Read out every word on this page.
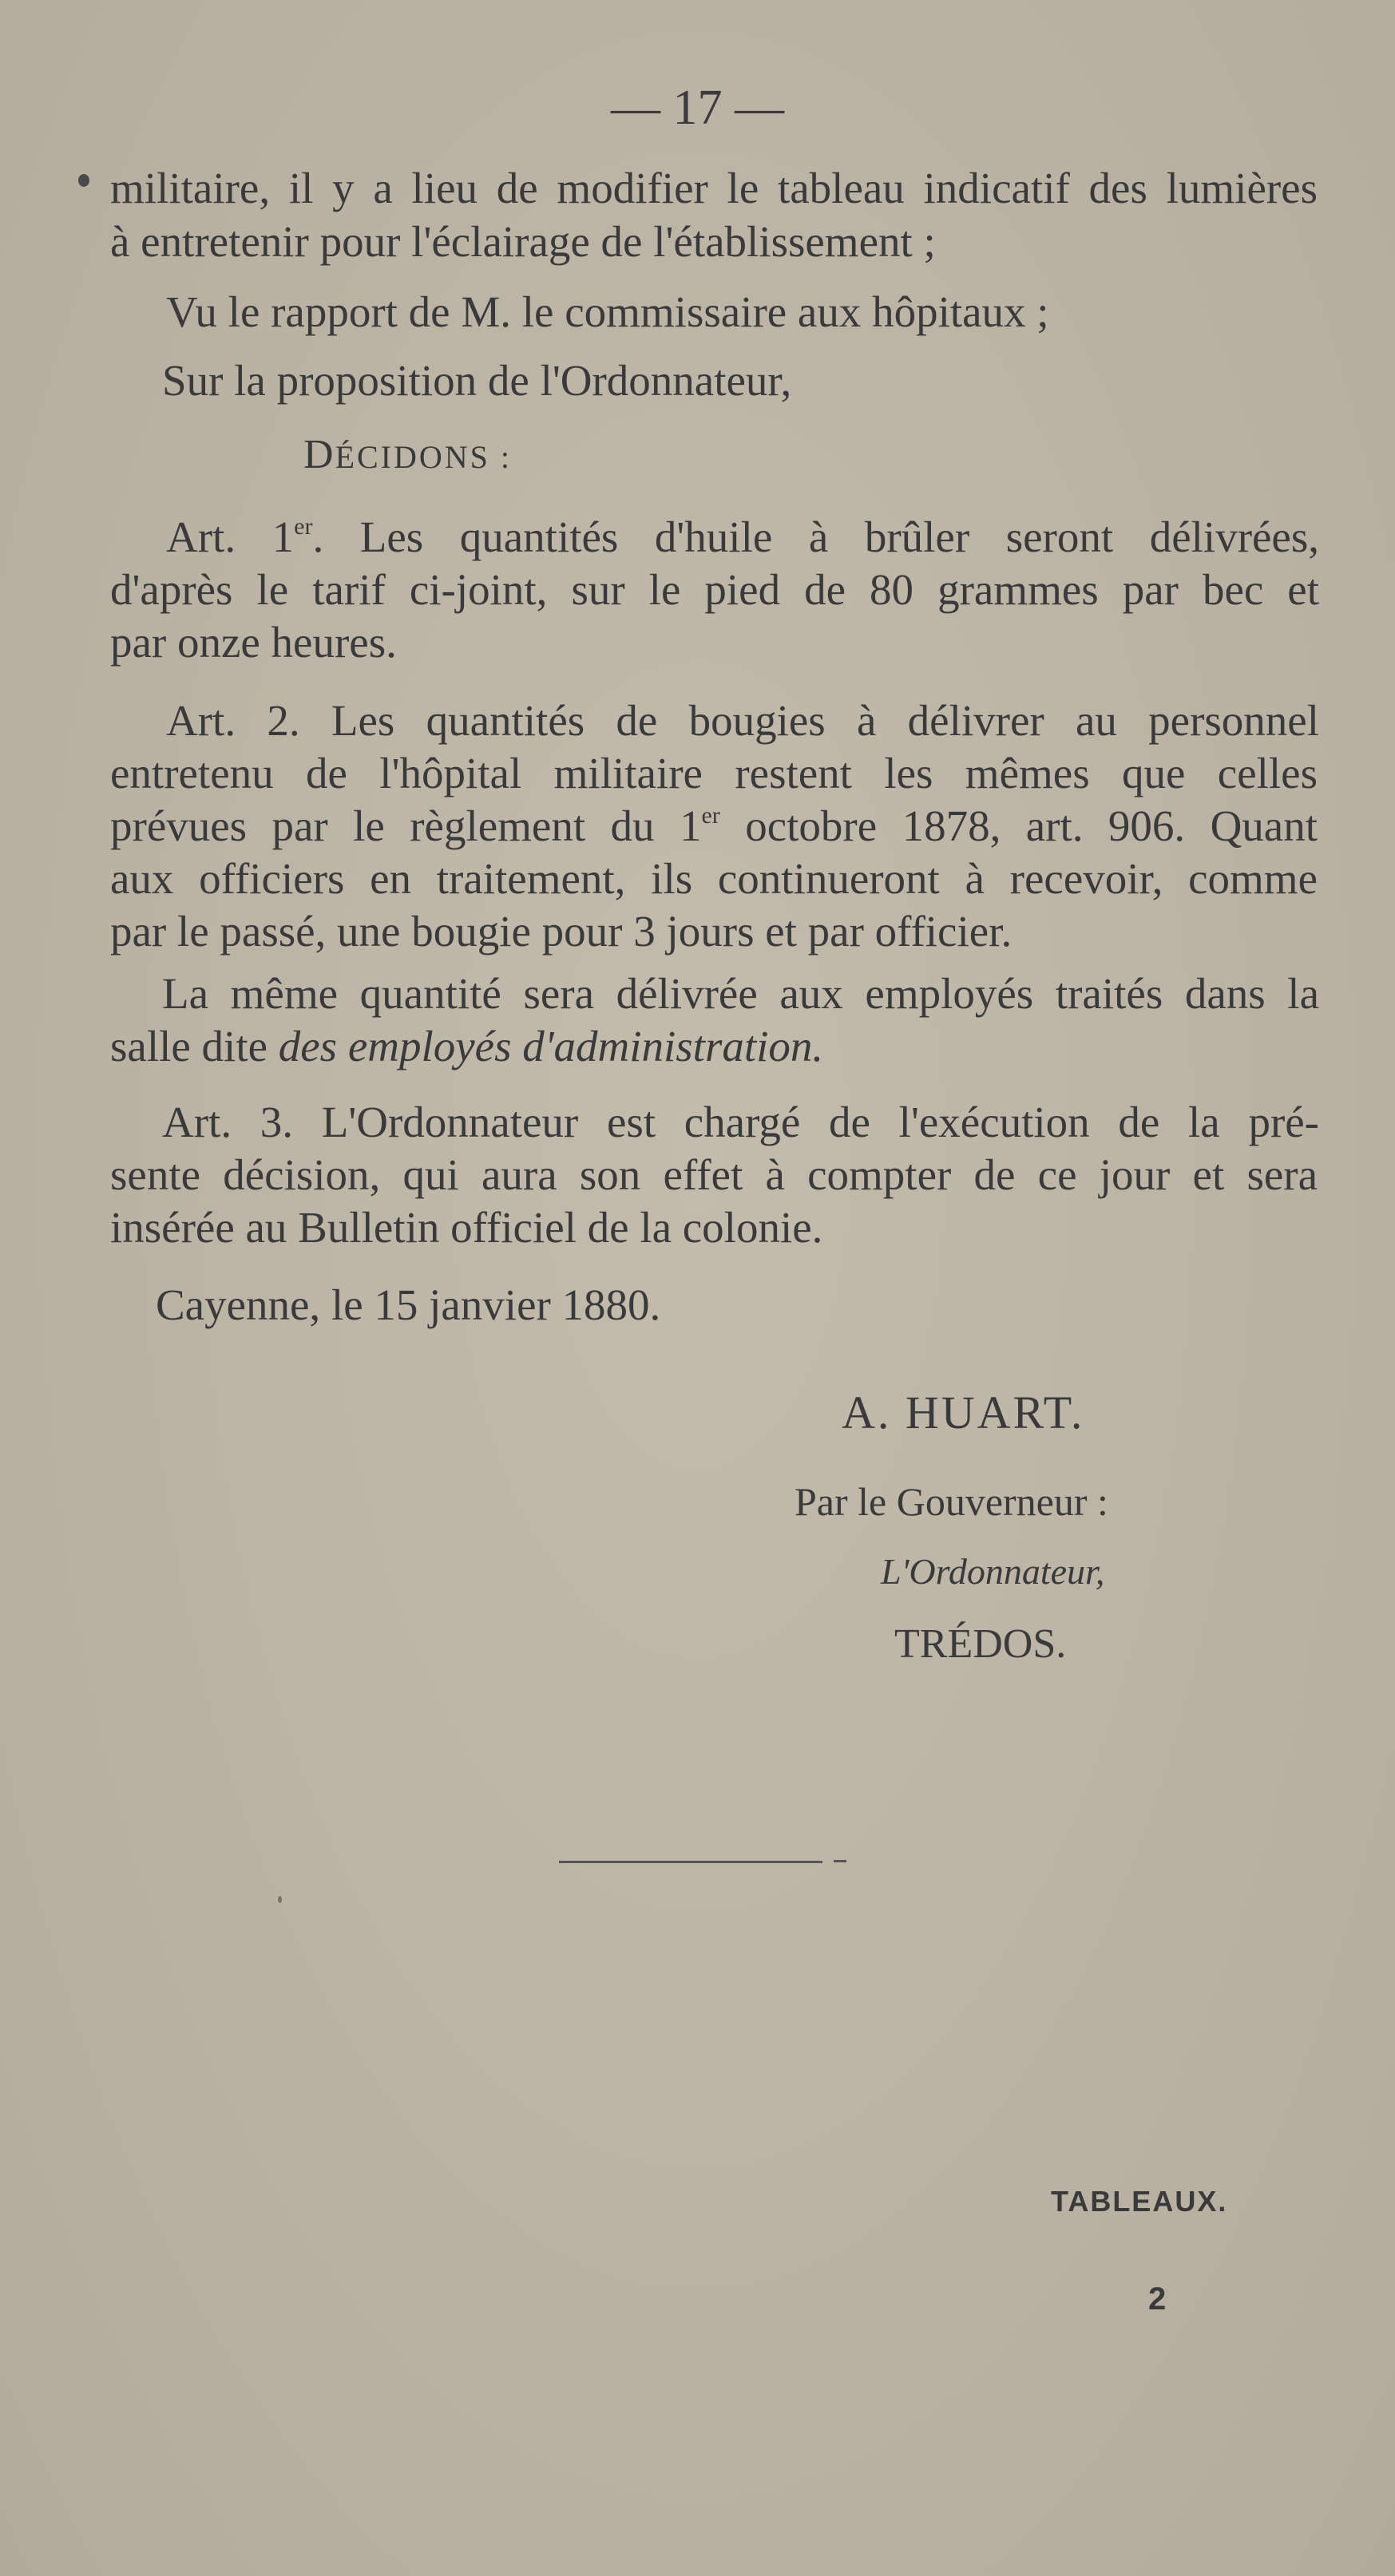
— 17 —
militaire, il y a lieu de modifier le tableau indicatif des lumières
à entretenir pour l'éclairage de l'établissement ;
Vu le rapport de M. le commissaire aux hôpitaux ;
Sur la proposition de l'Ordonnateur,
DÉCIDONS :
Art. 1er. Les quantités d'huile à brûler seront délivrées,
d'après le tarif ci-joint, sur le pied de 80 grammes par bec et
par onze heures.
Art. 2. Les quantités de bougies à délivrer au personnel
entretenu de l'hôpital militaire restent les mêmes que celles
prévues par le règlement du 1er octobre 1878, art. 906. Quant
aux officiers en traitement, ils continueront à recevoir, comme
par le passé, une bougie pour 3 jours et par officier.
La même quantité sera délivrée aux employés traités dans la
salle dite des employés d'administration.
Art. 3. L'Ordonnateur est chargé de l'exécution de la pré-
sente décision, qui aura son effet à compter de ce jour et sera
insérée au Bulletin officiel de la colonie.
Cayenne, le 15 janvier 1880.
A. HUART.
Par le Gouverneur :
L'Ordonnateur,
TRÉDOS.
TABLEAUX.
2
